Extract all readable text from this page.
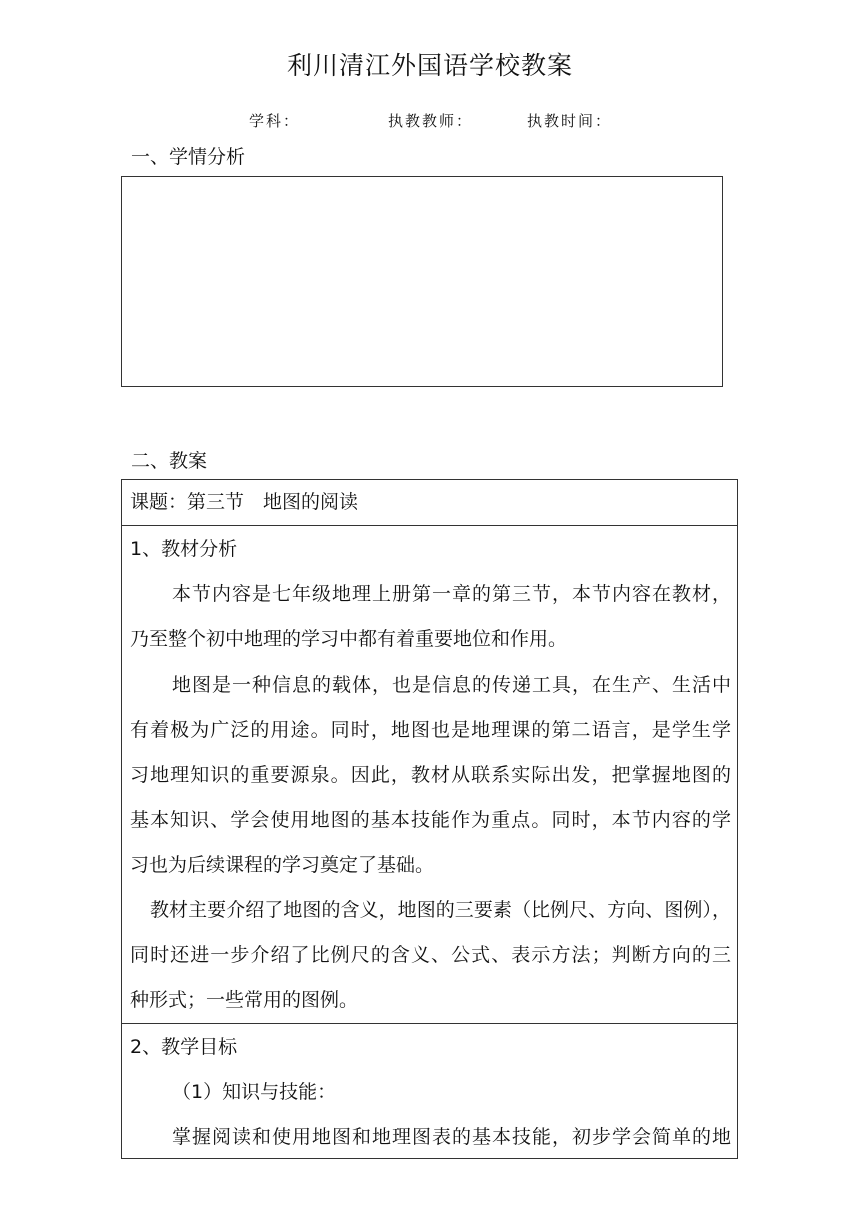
利川清江外国语学校教案
学科：	执教教师：	执教时间：
一、学情分析
二、教案
课题：第三节　地图的阅读
1、教材分析
本节内容是七年级地理上册第一章的第三节，本节内容在教材，
乃至整个初中地理的学习中都有着重要地位和作用。
地图是一种信息的载体，也是信息的传递工具，在生产、生活中
有着极为广泛的用途。同时，地图也是地理课的第二语言，是学生学
习地理知识的重要源泉。因此，教材从联系实际出发，把掌握地图的
基本知识、学会使用地图的基本技能作为重点。同时，本节内容的学
习也为后续课程的学习奠定了基础。
教材主要介绍了地图的含义，地图的三要素（比例尺、方向、图例），
同时还进一步介绍了比例尺的含义、公式、表示方法；判断方向的三
种形式；一些常用的图例。
2、教学目标
（1）知识与技能：
掌握阅读和使用地图和地理图表的基本技能，初步学会简单的地
